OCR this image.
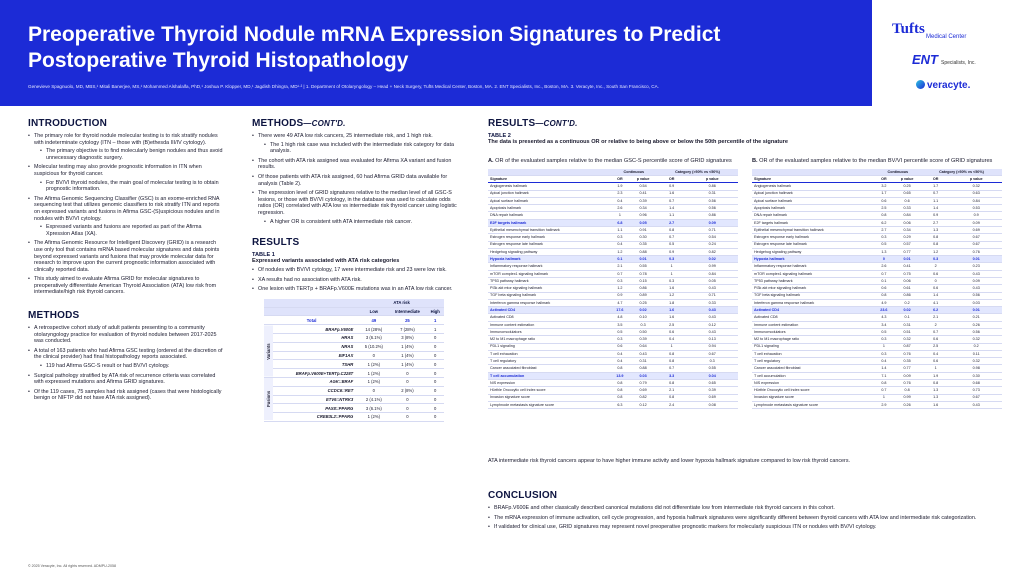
Preoperative Thyroid Nodule mRNA Expression Signatures to Predict Postoperative Thyroid Histopathology
Genevieve Spagnuolo, MD, MBS,¹ Mitali Banerjee, MS,¹ Mohammed Alshalalfa, PhD,¹ Joshua P. Klopper, MD,¹ Jagdish Dhingra, MD¹·² | 1. Department of Otolaryngology – Head + Neck Surgery, Tufts Medical Center, Boston, MA. 2. ENT Specialists, Inc., Boston, MA. 3. Veracyte, Inc., South San Francisco, CA.
Tufts Medical Center
ENT Specialists, Inc.
veracyte.
INTRODUCTION
• The primary role for thyroid nodule molecular testing is to risk stratify nodules with indeterminate cytology (ITN – those with (B)ethesda III/IV cytology).
• The primary objective is to find molecularly benign nodules and thus avoid unnecessary diagnostic surgery.
• Molecular testing may also provide prognostic information in ITN when suspicious for thyroid cancer.
• For BV/VI thyroid nodules, the main goal of molecular testing is to obtain prognostic information.
• The Afirma Genomic Sequencing Classifier (GSC) is an exome-enriched RNA sequencing test that utilizes genomic classifiers to risk stratify ITN and reports on expressed variants and fusions in Afirma GSC-(S)uspicious nodules and in nodules with BV/VI cytology.
• Expressed variants and fusions are reported as part of the Afirma Xpression Atlas (XA).
• The Afirma Genomic Resource for Intelligent Discovery (GRID) is a research use only tool that contains mRNA based molecular signatures and data points beyond expressed variants and fusions that may provide molecular data for research to improve upon the current prognostic information associated with clinically reported data.
• This study aimed to evaluate Afirma GRID for molecular signatures to preoperatively differentiate American Thyroid Association (ATA) low risk from intermediate/high risk thyroid cancers.
METHODS
• A retrospective cohort study of adult patients presenting to a community otolaryngology practice for evaluation of thyroid nodules between 2017-2025 was conducted.
• A total of 163 patients who had Afirma GSC testing (ordered at the discretion of the clinical provider) had final histopathology reports associated.
• 119 had Afirma GSC-S result or had BV/VI cytology.
• Surgical pathology stratified by ATA risk of recurrence criteria was correlated with expressed mutations and Afirma GRID signatures.
• Of the 119 cases, 75 samples had risk assigned (cases that were histologically benign or NIFTP did not have ATA risk assigned).
METHODS—CONT'D.
• There were 49 ATA low risk cancers, 25 intermediate risk, and 1 high risk.
• The 1 high risk case was included with the intermediate risk category for data analysis.
• The cohort with ATA risk assigned was evaluated for Afirma XA variant and fusion results.
• Of those patients with ATA risk assigned, 60 had Afirma GRID data available for analysis (Table 2).
• The expression level of GRID signatures relative to the median level of all GSC-S lesions, or those with BV/VI cytology, in the database was used to calculate odds ratios (OR) correlated with ATA low vs intermediate risk thyroid cancer using logistic regression.
• A higher OR is consistent with ATA intermediate risk cancer.
RESULTS
TABLE 1
Expressed variants associated with ATA risk categories
• Of nodules with BV/VI cytology, 17 were intermediate risk and 23 were low risk.
• XA results had no association with ATA risk.
• One lesion with TERTp + BRAFp.V600E mutations was in an ATA low risk cancer.
		ATA risk		
		Low	Intermediate	High
Total		49	25	1
Variants	BRAFp.V600E	14 (28%)	7 (28%)	1
	HRAS	3 (6.1%)	3 (8%)	0
	NRAS	5 (10.2%)	1 (4%)	0
	EIF1AX	0	1 (4%)	0
	TSHR	1 (2%)	1 (4%)	0
	BRAFp.V600E+TERTp.C228T	1 (2%)	0	0
Fusions	AGK::BRAF	1 (2%)	0	0
	CCDC6::RET	0	2 (8%)	0
	ETV6::NTRK3	2 (4.1%)	0	0
	PAX8::PPARG	3 (6.1%)	0	0
	CREB3L2::PPARG	1 (2%)	0	0
RESULTS—CONT'D.
TABLE 2
The data is presented as a continuous OR or relative to being above or below the 50th percentile of the signature
A. OR of the evaluated samples relative to the median GSC-S percentile score of GRID signatures
	Continuous		Category (>50% vs <50%)	
Signature	OR	p value	OR	p value
Angiogenesis hallmark	1.9	0.54	0.9	0.86
Apical junction hallmark	2.3	0.41	1.6	0.31
Apical surface hallmark	0.4	0.39	0.7	0.56
Apoptosis hallmark	2.6	0.34	1.4	0.56
DNA repair hallmark	1	0.96	1.1	0.86
E2F targets hallmark	6.8	0.05	2.7	0.09
Epithelial mesenchymal transition hallmark	1.1	0.91	0.8	0.71
Estrogen response early hallmark	0.3	0.30	0.7	0.54
Estrogen response late hallmark	0.4	0.35	0.5	0.24
Hedgehog signaling pathway	1.2	0.88	0.9	0.82
Hypoxia hallmark	0.1	0.01	0.3	0.02
Inflammatory response hallmark	2.1	0.55	1	0.99
mTOR complex1 signaling hallmark	0.7	0.78	1	0.84
TP53 pathway hallmark	0.3	0.15	0.3	0.05
PI3k akt mtor signaling hallmark	1.2	0.86	1.6	0.43
TGF beta signaling hallmark	0.9	0.89	1.2	0.71
Interferon gamma response hallmark	4.7	0.25	1.8	0.33
Activated CD4	17.6	0.02	1.6	0.43
Activated CD8	4.8	0.10	1.6	0.43
Immune content estimation	3.5	0.3	2.5	0.12
Immunomodulators	0.5	0.50	0.6	0.43
M2 to M1 macrophage ratio	0.3	0.39	0.4	0.13
PDL1 signaling	0.6	0.64	1	0.94
T cell exhaustion	0.4	0.43	0.8	0.67
T cell regulatory	0.4	0.31	0.8	0.3
Cancer associated fibroblast	0.8	0.88	0.7	0.55
T cell accumulation	13.9	0.03	3.3	0.04
NIS expression	0.8	0.79	0.8	0.65
Hürthle Oncocytic cell index score	0.8	0.69	2.1	0.39
Invasion signature score	0.8	0.82	0.8	0.69
Lymphnode metastasis signature score	6.3	0.12	2.4	0.08
B. OR of the evaluated samples relative to the median BV/VI percentile score of GRID signatures
	Continuous		Category (>50% vs <50%)	
Signature	OR	p value	OR	p value
Angiogenesis hallmark	3.2	0.25	1.7	0.32
Apical junction hallmark	1.7	0.65	0.7	0.63
Apical surface hallmark	0.6	0.6	1.1	0.84
Apoptosis hallmark	2.5	0.33	1.4	0.53
DNA repair hallmark	0.8	0.84	0.9	0.9
E2F targets hallmark	6.2	0.06	2.7	0.09
Epithelial mesenchymal transition hallmark	2.7	0.34	1.3	0.69
Estrogen response early hallmark	0.3	0.29	0.8	0.67
Estrogen response late hallmark	0.5	0.57	0.8	0.67
Hedgehog signaling pathway	1.3	0.77	1.2	0.76
Hypoxia hallmark	0	0.01	0.3	0.01
Inflammatory response hallmark	2.6	0.41	2	0.23
mTOR complex1 signaling hallmark	0.7	0.75	0.6	0.43
TP53 pathway hallmark	0.1	0.06	0	0.09
PI3k akt mtor signaling hallmark	0.6	0.61	0.6	0.43
TGF beta signaling hallmark	0.8	0.86	1.4	0.56
Interferon gamma response hallmark	4.9	0.2	4.1	0.03
Activated CD4	23.6	0.02	6.2	0.01
Activated CD8	4.3	0.1	2.1	0.21
Immune content estimation	3.4	0.31	2	0.26
Immunomodulators	0.5	0.51	0.7	0.56
M2 to M1 macrophage ratio	0.3	0.32	0.6	0.32
PDL1 signaling	1	0.87	2.5	0.2
T cell exhaustion	0.3	0.76	0.4	0.11
T cell regulatory	0.4	0.35	0.6	0.32
Cancer associated fibroblast	1.4	0.77	1	0.98
T cell accumulation	7.1	0.09	1.9	0.30
NIS expression	0.8	0.76	0.8	0.68
Hürthle Oncocytic cell index score	0.7	0.8	1.3	0.73
Invasion signature score	1	0.99	1.3	0.67
Lymphnode metastasis signature score	2.9	0.26	1.6	0.43
ATA intermediate risk thyroid cancers appear to have higher immune activity and lower hypoxia hallmark signature compared to low risk thyroid cancers.
CONCLUSION
• BRAFp.V600E and other classically described canonical mutations did not differentiate low from intermediate risk thyroid cancers in this cohort.
• The mRNA expression of immune activation, cell cycle progression, and hypoxia hallmark signatures were significantly different between thyroid cancers with ATA low and intermediate risk categorization.
• If validated for clinical use, GRID signatures may represent novel preoperative prognostic markers for molecularly suspicious ITN or nodules with BV/VI cytology.
© 2025 Veracyte, Inc. All rights reserved. ADMPU-2058
